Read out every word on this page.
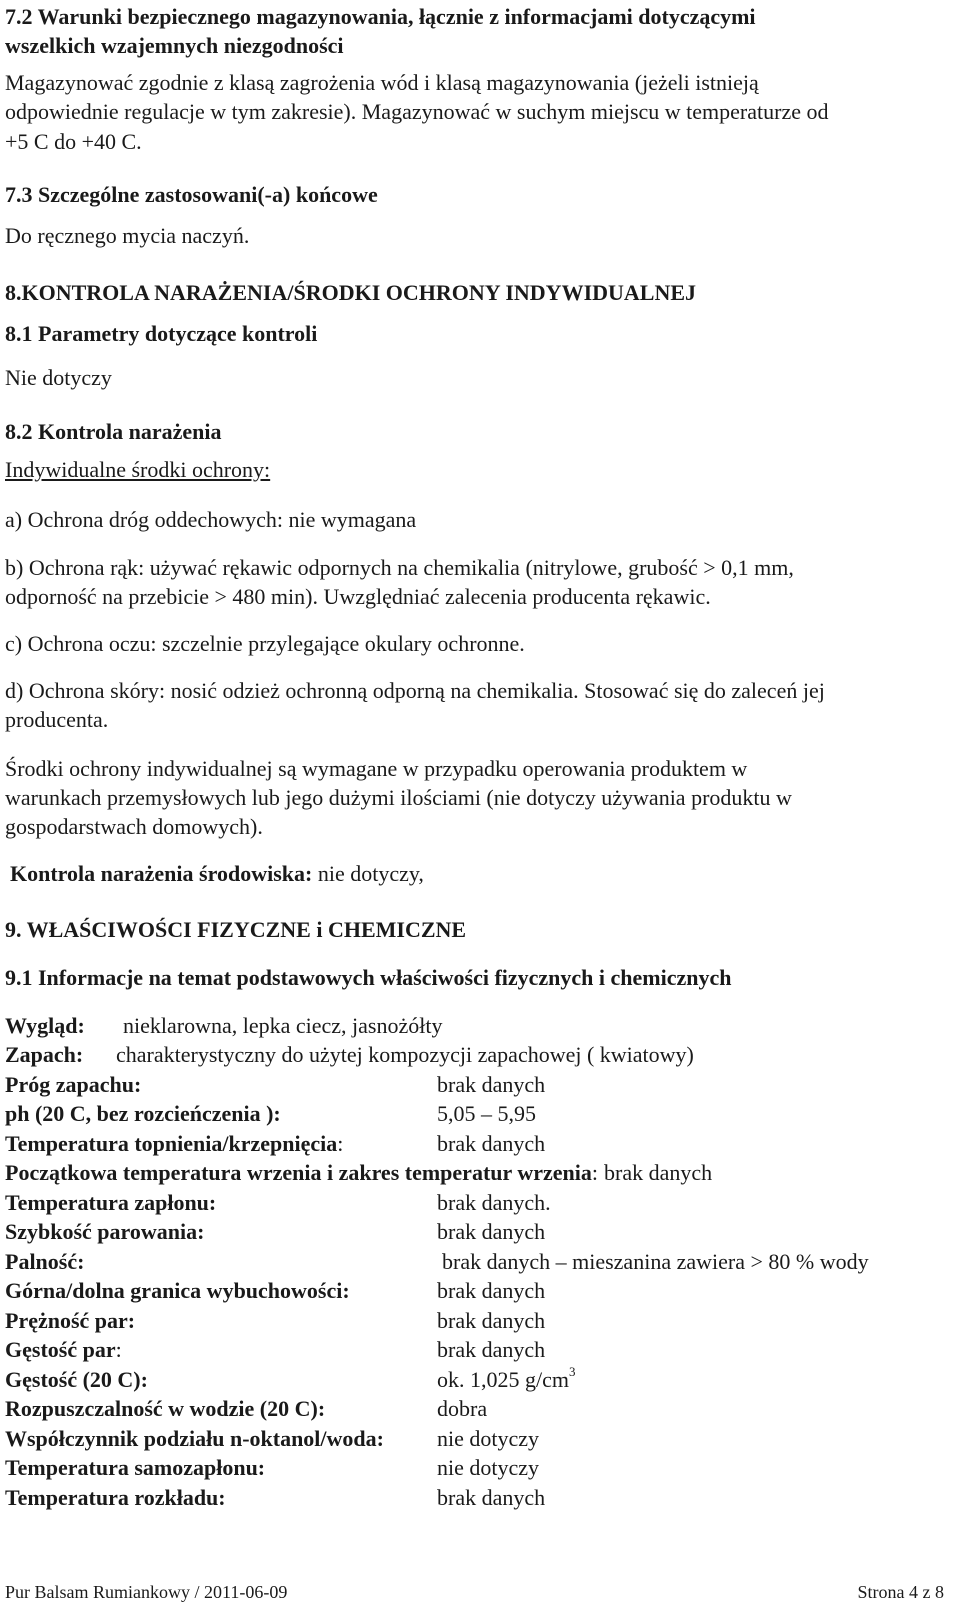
7.2 Warunki bezpiecznego magazynowania, łącznie z informacjami dotyczącymi
wszelkich wzajemnych niezgodności
Magazynować zgodnie z klasą zagrożenia wód i klasą magazynowania (jeżeli istnieją
odpowiednie regulacje w tym zakresie). Magazynować w suchym miejscu w temperaturze od
+5 C do +40 C.
7.3 Szczególne zastosowani(-a) końcowe
Do ręcznego mycia naczyń.
8.KONTROLA NARAŻENIA/ŚRODKI OCHRONY INDYWIDUALNEJ
8.1 Parametry dotyczące kontroli
Nie dotyczy
8.2 Kontrola narażenia
Indywidualne środki ochrony:
a) Ochrona dróg oddechowych: nie wymagana
b) Ochrona rąk: używać rękawic odpornych na chemikalia (nitrylowe, grubość > 0,1 mm,
odporność na przebicie > 480 min). Uwzględniać zalecenia producenta rękawic.
c) Ochrona oczu: szczelnie przylegające okulary ochronne.
d) Ochrona skóry: nosić odzież ochronną odporną na chemikalia. Stosować się do zaleceń jej
producenta.
Środki ochrony indywidualnej są wymagane w przypadku operowania produktem w
warunkach przemysłowych lub jego dużymi ilościami (nie dotyczy używania produktu w
gospodarstwach domowych).
Kontrola narażenia środowiska: nie dotyczy,
9. WŁAŚCIWOŚCI FIZYCZNE i CHEMICZNE
9.1 Informacje na temat podstawowych właściwości fizycznych i chemicznych
Wygląd: nieklarowna, lepka ciecz, jasnożółty
Zapach: charakterystyczny do użytej kompozycji zapachowej ( kwiatowy)
Próg zapachu:	brak danych
ph (20 C, bez rozcieńczenia ):	5,05 – 5,95
Temperatura topnienia/krzepnięcia:	brak danych
Początkowa temperatura wrzenia i zakres temperatur wrzenia: brak danych
Temperatura zapłonu:	brak danych.
Szybkość parowania:	brak danych
Palność:	brak danych – mieszanina zawiera > 80 % wody
Górna/dolna granica wybuchowości:	brak danych
Prężność par:	brak danych
Gęstość par:	brak danych
Gęstość (20 C):	ok. 1,025 $g/cm^3$
Rozpuszczalność w wodzie (20 C):	dobra
Współczynnik podziału n-oktanol/woda: nie dotyczy
Temperatura samozapłonu:	nie dotyczy
Temperatura rozkładu:	brak danych
Pur Balsam Rumiankowy / 2011-06-09	Strona 4 z 8
